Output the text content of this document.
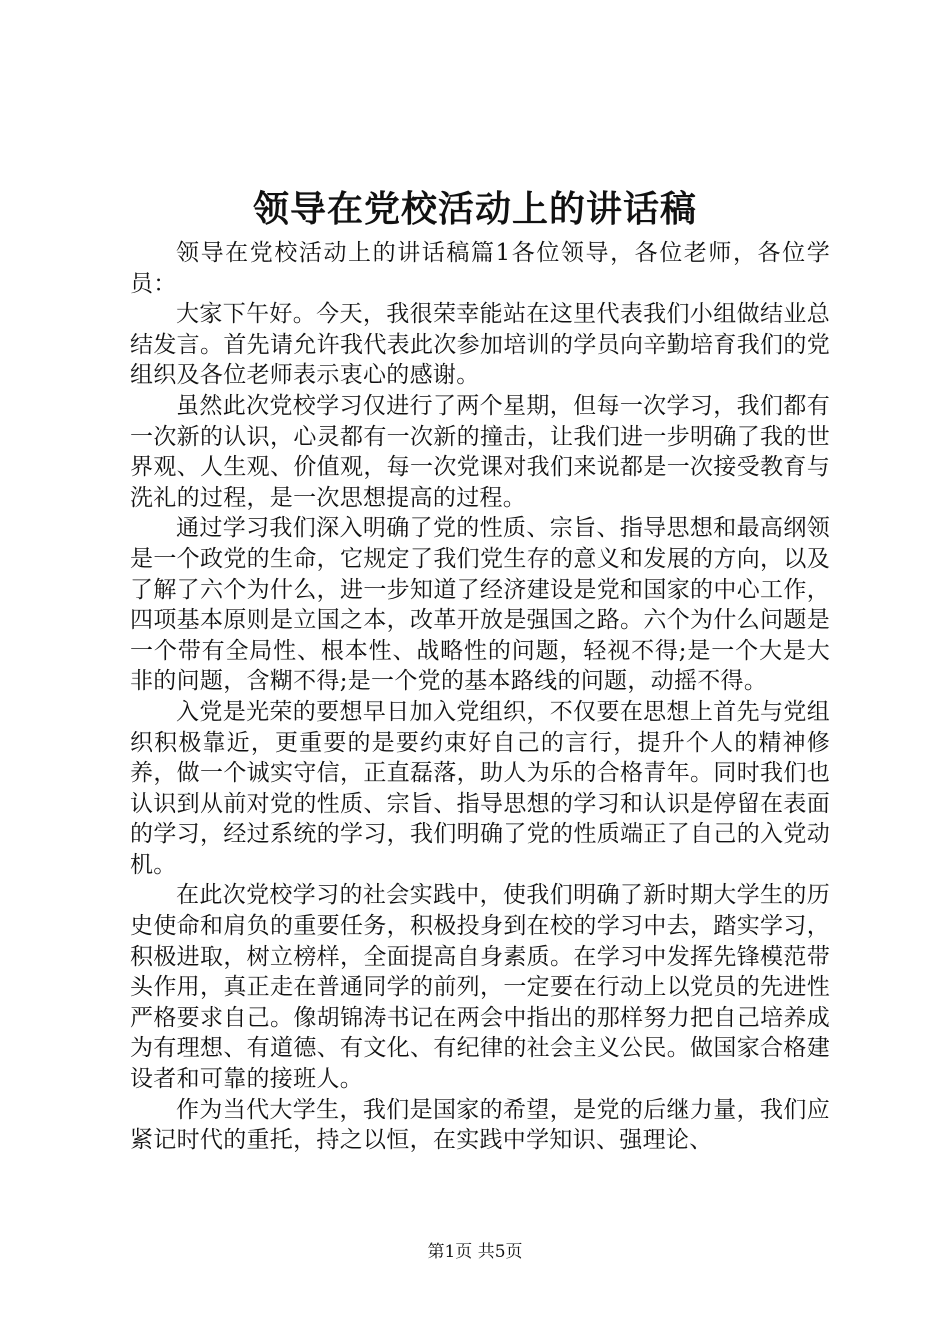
领导在党校活动上的讲话稿

领导在党校活动上的讲话稿篇1各位领导，各位老师，各位学员：

大家下午好。今天，我很荣幸能站在这里代表我们小组做结业总结发言。首先请允许我代表此次参加培训的学员向辛勤培育我们的党组织及各位老师表示衷心的感谢。

虽然此次党校学习仅进行了两个星期，但每一次学习，我们都有一次新的认识，心灵都有一次新的撞击，让我们进一步明确了我的世界观、人生观、价值观，每一次党课对我们来说都是一次接受教育与洗礼的过程，是一次思想提高的过程。

通过学习我们深入明确了党的性质、宗旨、指导思想和最高纲领是一个政党的生命，它规定了我们党生存的意义和发展的方向，以及了解了六个为什么，进一步知道了经济建设是党和国家的中心工作，四项基本原则是立国之本，改革开放是强国之路。六个为什么问题是一个带有全局性、根本性、战略性的问题，轻视不得;是一个大是大非的问题，含糊不得;是一个党的基本路线的问题，动摇不得。

入党是光荣的要想早日加入党组织，不仅要在思想上首先与党组织积极靠近，更重要的是要约束好自己的言行，提升个人的精神修养，做一个诚实守信，正直磊落，助人为乐的合格青年。同时我们也认识到从前对党的性质、宗旨、指导思想的学习和认识是停留在表面的学习，经过系统的学习，我们明确了党的性质端正了自己的入党动机。

在此次党校学习的社会实践中，使我们明确了新时期大学生的历史使命和肩负的重要任务，积极投身到在校的学习中去，踏实学习，积极进取，树立榜样，全面提高自身素质。在学习中发挥先锋模范带头作用，真正走在普通同学的前列，一定要在行动上以党员的先进性严格要求自己。像胡锦涛书记在两会中指出的那样努力把自己培养成为有理想、有道德、有文化、有纪律的社会主义公民。做国家合格建设者和可靠的接班人。

作为当代大学生，我们是国家的希望，是党的后继力量，我们应紧记时代的重托，持之以恒，在实践中学知识、强理论、

第1页 共5页
